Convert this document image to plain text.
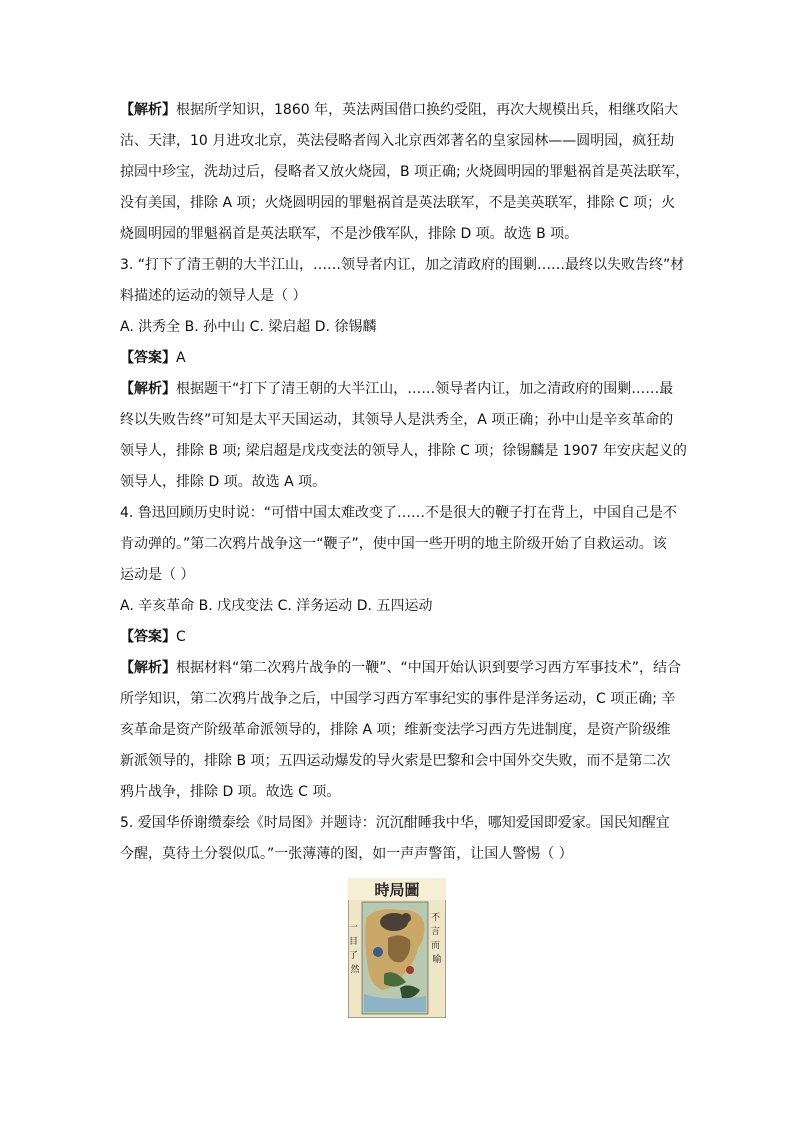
【解析】根据所学知识，1860 年，英法两国借口换约受阻，再次大规模出兵，相继攻陷大
沽、天津，10 月进攻北京，英法侵略者闯入北京西郊著名的皇家园林——圆明园，疯狂劫
掠园中珍宝，洗劫过后，侵略者又放火烧园，B 项正确; 火烧圆明园的罪魁祸首是英法联军，
没有美国，排除 A 项；火烧圆明园的罪魁祸首是英法联军，不是美英联军，排除 C 项；火
烧圆明园的罪魁祸首是英法联军，不是沙俄军队，排除 D 项。故选 B 项。
3. “打下了清王朝的大半江山，……领导者内讧，加之清政府的围剿……最终以失败告终”材
料描述的运动的领导人是（ ）
A. 洪秀全 B. 孙中山 C. 梁启超 D. 徐锡麟
【答案】A
【解析】根据题干“打下了清王朝的大半江山，……领导者内讧，加之清政府的围剿……最
终以失败告终”可知是太平天国运动，其领导人是洪秀全，A 项正确；孙中山是辛亥革命的
领导人，排除 B 项; 梁启超是戊戌变法的领导人，排除 C 项；徐锡麟是 1907 年安庆起义的
领导人，排除 D 项。故选 A 项。
4. 鲁迅回顾历史时说：“可惜中国太难改变了……不是很大的鞭子打在背上，中国自己是不
肯动弹的。”第二次鸦片战争这一“鞭子”，使中国一些开明的地主阶级开始了自救运动。该
运动是（ ）
A. 辛亥革命 B. 戊戌变法 C. 洋务运动 D. 五四运动
【答案】C
【解析】根据材料“第二次鸦片战争的一鞭”、“中国开始认识到要学习西方军事技术”，结合
所学知识，第二次鸦片战争之后，中国学习西方军事纪实的事件是洋务运动，C 项正确; 辛
亥革命是资产阶级革命派领导的，排除 A 项；维新变法学习西方先进制度，是资产阶级维
新派领导的，排除 B 项；五四运动爆发的导火索是巴黎和会中国外交失败，而不是第二次
鸦片战争，排除 D 项。故选 C 项。
5. 爱国华侨谢缵泰绘《时局图》并题诗：沉沉酣睡我中华，哪知爱国即爱家。国民知醒宜
今醒，莫待土分裂似瓜。”一张薄薄的图，如一声声警笛，让国人警惕（ ）
時局圖
不 言 而 喻
一 目 了 然
